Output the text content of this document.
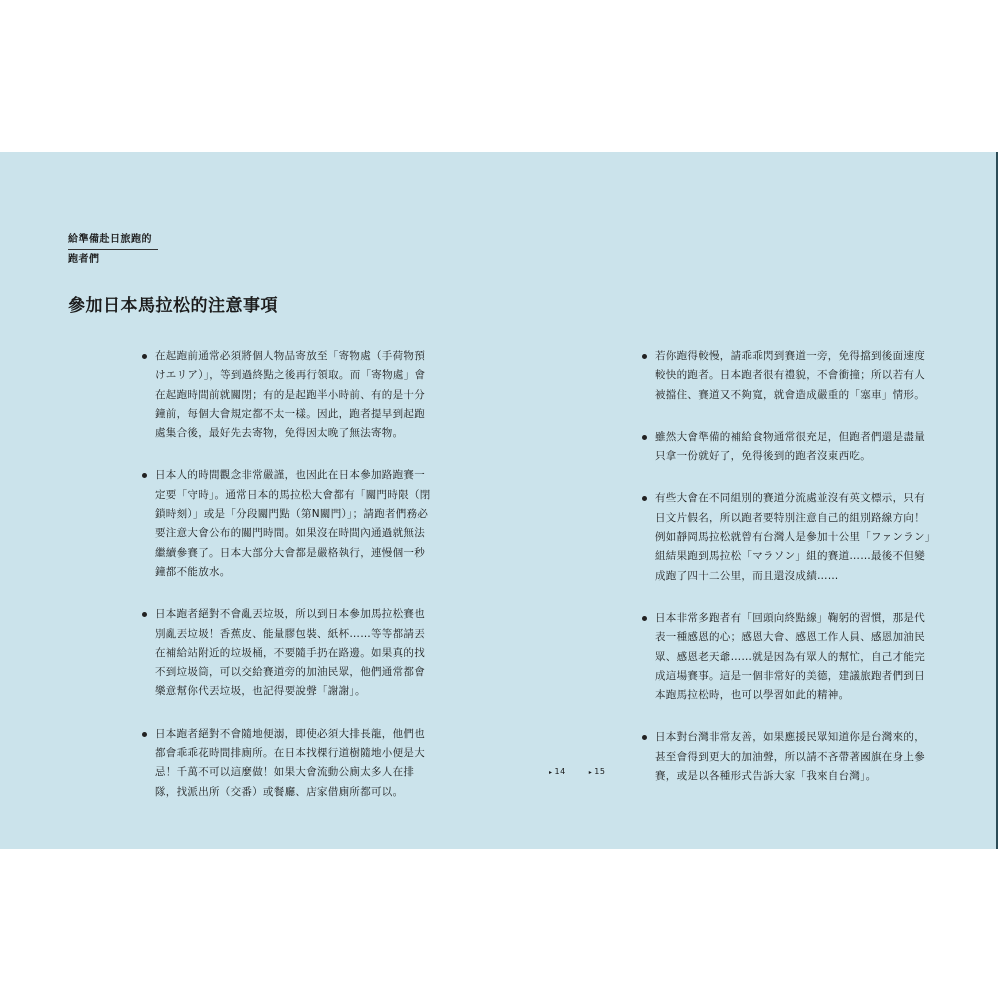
給準備赴日旅跑的
跑者們
參加日本馬拉松的注意事項
在起跑前通常必須將個人物品寄放至「寄物處（手荷物預けエリア）」，等到過終點之後再行領取。而「寄物處」會在起跑時間前就關閉；有的是起跑半小時前、有的是十分鐘前，每個大會規定都不太一樣。因此，跑者提早到起跑處集合後，最好先去寄物，免得因太晚了無法寄物。
日本人的時間觀念非常嚴謹，也因此在日本參加路跑賽一定要「守時」。通常日本的馬拉松大會都有「關門時限（閉鎖時刻）」或是「分段關門點（第N關門）」；請跑者們務必要注意大會公布的關門時間。如果沒在時間內通過就無法繼續參賽了。日本大部分大會都是嚴格執行，連慢個一秒鐘都不能放水。
日本跑者絕對不會亂丟垃圾，所以到日本參加馬拉松賽也別亂丟垃圾！香蕉皮、能量膠包裝、紙杯……等等都請丟在補給站附近的垃圾桶，不要隨手扔在路邊。如果真的找不到垃圾筒，可以交給賽道旁的加油民眾，他們通常都會樂意幫你代丟垃圾，也記得要說聲「謝謝」。
日本跑者絕對不會隨地便溺，即使必須大排長龍，他們也都會乖乖花時間排廁所。在日本找棵行道樹隨地小便是大忌！千萬不可以這麼做！如果大會流動公廁太多人在排隊，找派出所（交番）或餐廳、店家借廁所都可以。
若你跑得較慢，請乖乖閃到賽道一旁，免得擋到後面速度較快的跑者。日本跑者很有禮貌，不會衝撞；所以若有人被擋住、賽道又不夠寬，就會造成嚴重的「塞車」情形。
雖然大會準備的補給食物通常很充足，但跑者們還是盡量只拿一份就好了，免得後到的跑者沒東西吃。
有些大會在不同組別的賽道分流處並沒有英文標示，只有日文片假名，所以跑者要特別注意自己的組別路線方向！例如靜岡馬拉松就曾有台灣人是參加十公里「ファンラン」組結果跑到馬拉松「マラソン」組的賽道……最後不但變成跑了四十二公里，而且還沒成績……
日本非常多跑者有「回頭向終點線」鞠躬的習慣，那是代表一種感恩的心；感恩大會、感恩工作人員、感恩加油民眾、感恩老天爺……就是因為有眾人的幫忙，自己才能完成這場賽事。這是一個非常好的美德，建議旅跑者們到日本跑馬拉松時，也可以學習如此的精神。
日本對台灣非常友善，如果應援民眾知道你是台灣來的，甚至會得到更大的加油聲，所以請不吝帶著國旗在身上參賽，或是以各種形式告訴大家「我來自台灣」。
▸ 14	▸ 15
